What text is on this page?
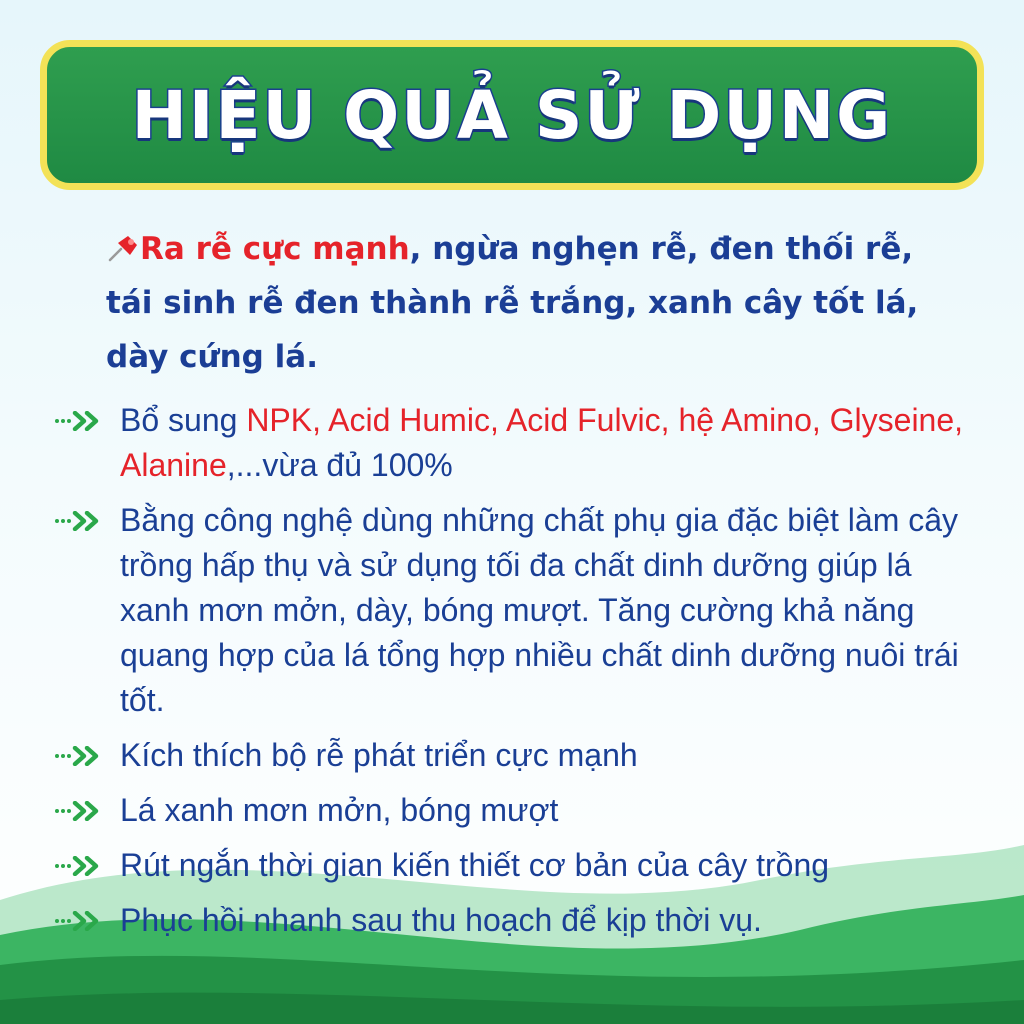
HIỆU QUẢ SỬ DỤNG
Ra rễ cực mạnh, ngừa nghẹn rễ, đen thối rễ, tái sinh rễ đen thành rễ trắng, xanh cây tốt lá, dày cứng lá.
Bổ sung NPK, Acid Humic, Acid Fulvic, hệ Amino, Glyseine, Alanine,...vừa đủ 100%
Bằng công nghệ dùng những chất phụ gia đặc biệt làm cây trồng hấp thụ và sử dụng tối đa chất dinh dưỡng giúp lá xanh mơn mởn, dày, bóng mượt. Tăng cường khả năng quang hợp của lá tổng hợp nhiều chất dinh dưỡng nuôi trái tốt.
Kích thích bộ rễ phát triển cực mạnh
Lá xanh mơn mởn, bóng mượt
Rút ngắn thời gian kiến thiết cơ bản của cây trồng
Phục hồi nhanh sau thu hoạch để kịp thời vụ.
